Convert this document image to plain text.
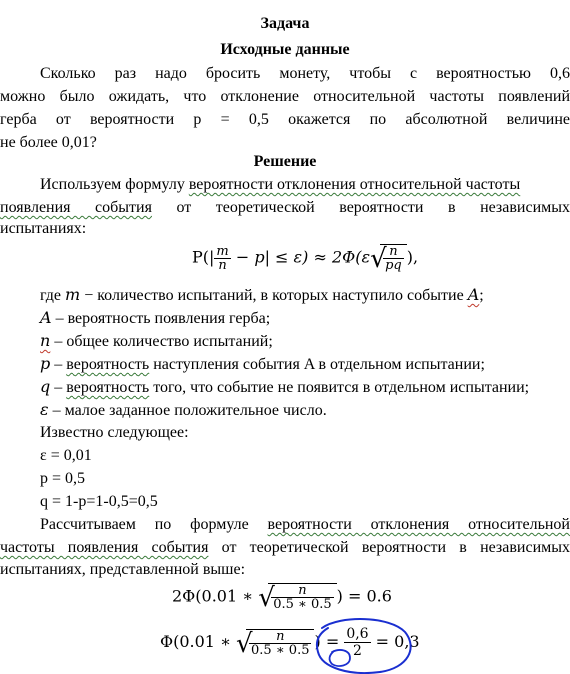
Задача
Исходные данные
Сколько раз надо бросить монету, чтобы с вероятностью 0,6
можно было ожидать, что отклонение относительной частоты появлений
герба от вероятности р = 0,5 окажется по абсолютной величине
не более 0,01?
Решение
Используем формулу вероятности отклонения относительной частоты
появления события от теоретической вероятности в независимых
испытаниях:
$P(| \frac{m}{n} - p| \le \varepsilon) \approx 2\Phi(\varepsilon$ √
$\frac{n}{pq}$ ),
где m − количество испытаний, в которых наступило событие A;
A – вероятность появления герба;
n – общее количество испытаний;
p – вероятность наступления события A в отдельном испытании;
q – вероятность того, что событие не появится в отдельном испытании;
ε – малое заданное положительное число.
Известно следующее:
ε = 0,01
p = 0,5
q = 1-p=1-0,5=0,5
Рассчитываем по формуле вероятности отклонения относительной
частоты появления события от теоретической вероятности в независимых
испытаниях, представленной выше:
2Φ(0.01 ∗ √
$\frac{n}{0.5 ∗ 0.5}$ ) = 0.6
Φ(0.01 ∗ √
$\frac{n}{0.5 ∗ 0.5}$ ) = $\frac{0,6}{2} = 0,3$
